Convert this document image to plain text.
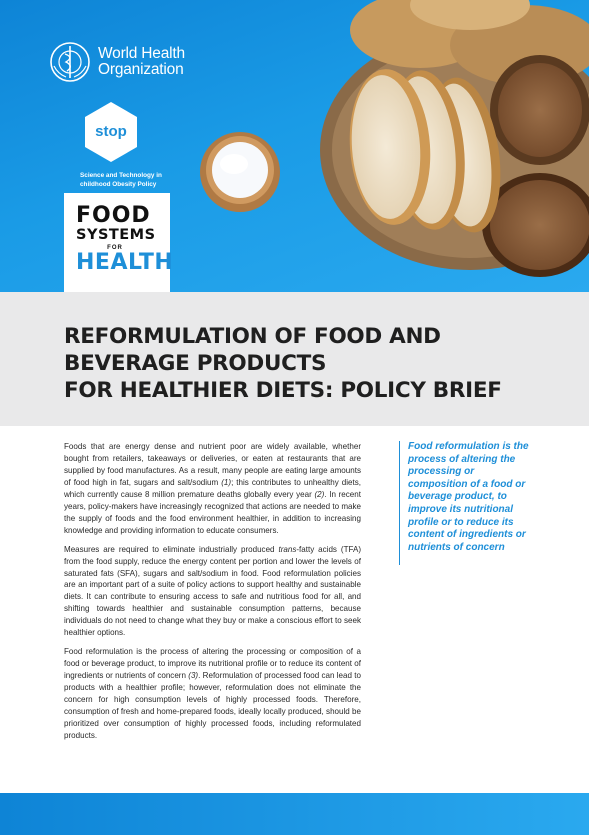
World Health
Organization
stop
Science and Technology in
childhood Obesity Policy
FOOD
SYSTEMS
FOR
HEALTH
REFORMULATION OF FOOD AND
BEVERAGE PRODUCTS
FOR HEALTHIER DIETS: POLICY BRIEF

Foods that are energy dense and nutrient poor are widely available, whether bought from retailers, takeaways or deliveries, or eaten at restaurants that are supplied by food manufactures. As a result, many people are eating large amounts of food high in fat, sugars and salt/sodium (1); this contributes to unhealthy diets, which currently cause 8 million premature deaths globally every year (2). In recent years, policy-makers have increasingly recognized that actions are needed to make the supply of foods and the food environment healthier, in addition to increasing knowledge and providing information to educate consumers.

Measures are required to eliminate industrially produced trans-fatty acids (TFA) from the food supply, reduce the energy content per portion and lower the levels of saturated fats (SFA), sugars and salt/sodium in food. Food reformulation policies are an important part of a suite of policy actions to support healthy and sustainable diets. It can contribute to ensuring access to safe and nutritious food for all, and shifting towards healthier and sustainable consumption patterns, because individuals do not need to change what they buy or make a conscious effort to seek healthier options.

Food reformulation is the process of altering the processing or composition of a food or beverage product, to improve its nutritional profile or to reduce its content of ingredients or nutrients of concern (3). Reformulation of processed food can lead to products with a healthier profile; however, reformulation does not eliminate the concern for high consumption levels of highly processed foods. Therefore, consumption of fresh and home-prepared foods, ideally locally produced, should be prioritized over consumption of highly processed foods, including reformulated products.

Food reformulation is the process of altering the processing or composition of a food or beverage product, to improve its nutritional profile or to reduce its content of ingredients or nutrients of concern
